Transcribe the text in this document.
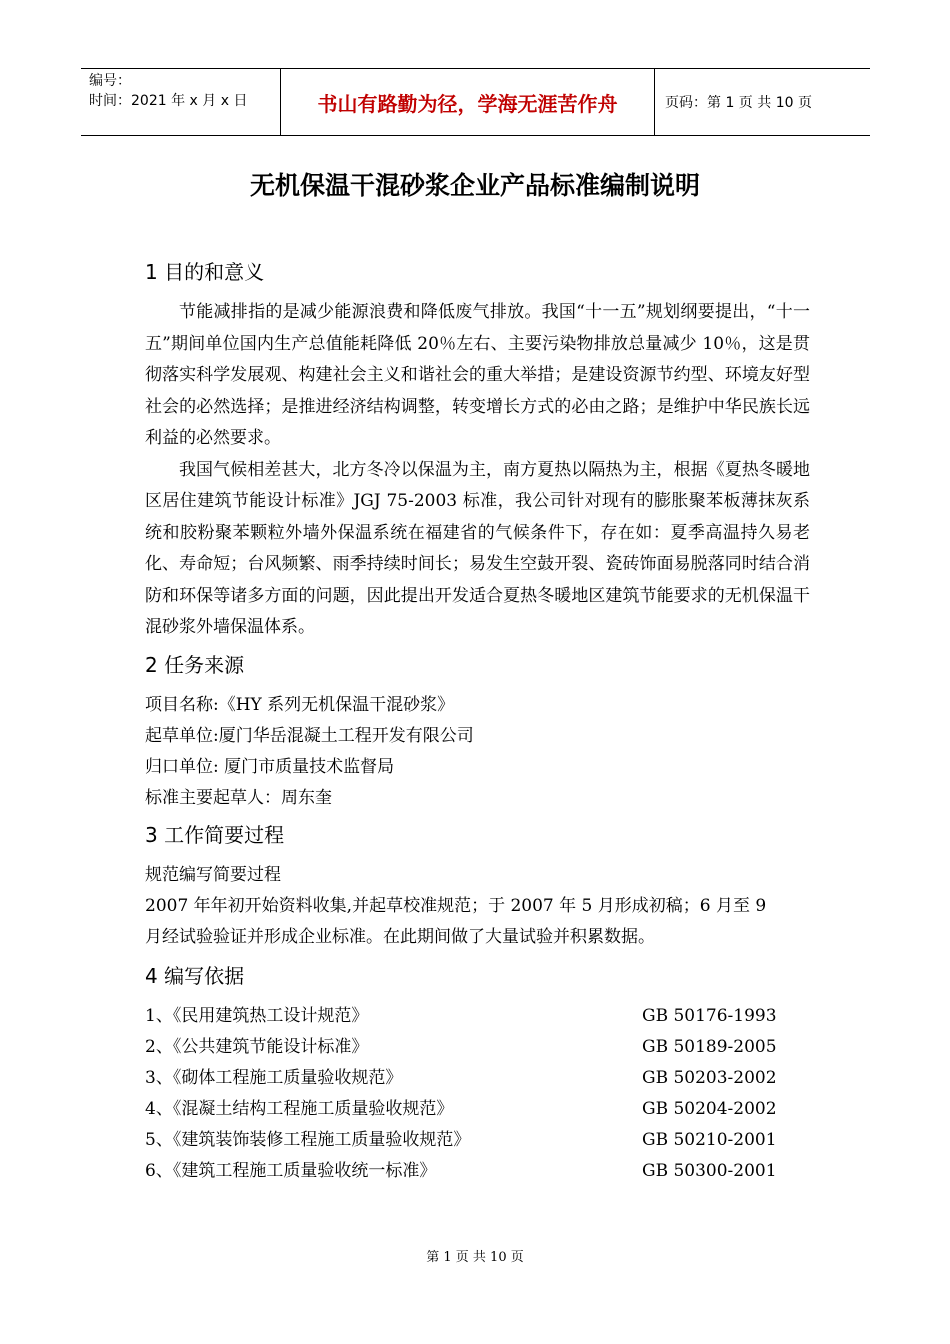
编号：
时间：2021 年 x 月 x 日	书山有路勤为径，学海无涯苦作舟	页码：第 1 页 共 10 页
无机保温干混砂浆企业产品标准编制说明
1 目的和意义
节能减排指的是减少能源浪费和降低废气排放。我国“十一五”规划纲要提出，“十一五”期间单位国内生产总值能耗降低 20％左右、主要污染物排放总量减少 10％，这是贯彻落实科学发展观、构建社会主义和谐社会的重大举措；是建设资源节约型、环境友好型社会的必然选择；是推进经济结构调整，转变增长方式的必由之路；是维护中华民族长远利益的必然要求。
我国气候相差甚大，北方冬冷以保温为主，南方夏热以隔热为主，根据《夏热冬暖地区居住建筑节能设计标准》JGJ 75-2003 标准，我公司针对现有的膨胀聚苯板薄抹灰系统和胶粉聚苯颗粒外墙外保温系统在福建省的气候条件下，存在如：夏季高温持久易老化、寿命短；台风频繁、雨季持续时间长；易发生空鼓开裂、瓷砖饰面易脱落同时结合消防和环保等诸多方面的问题，因此提出开发适合夏热冬暖地区建筑节能要求的无机保温干混砂浆外墙保温体系。
2 任务来源
项目名称:《HY 系列无机保温干混砂浆》
起草单位:厦门华岳混凝土工程开发有限公司
归口单位: 厦门市质量技术监督局
标准主要起草人：周东奎
3 工作简要过程
规范编写简要过程
2007 年年初开始资料收集,并起草校准规范；于 2007 年 5 月形成初稿；6 月至 9
月经试验验证并形成企业标准。在此期间做了大量试验并积累数据。
4 编写依据
1、《民用建筑热工设计规范》	GB 50176-1993
2、《公共建筑节能设计标准》	GB 50189-2005
3、《砌体工程施工质量验收规范》	GB 50203-2002
4、《混凝土结构工程施工质量验收规范》	GB 50204-2002
5、《建筑装饰装修工程施工质量验收规范》	GB 50210-2001
6、《建筑工程施工质量验收统一标准》	GB 50300-2001
第 1 页 共 10 页
